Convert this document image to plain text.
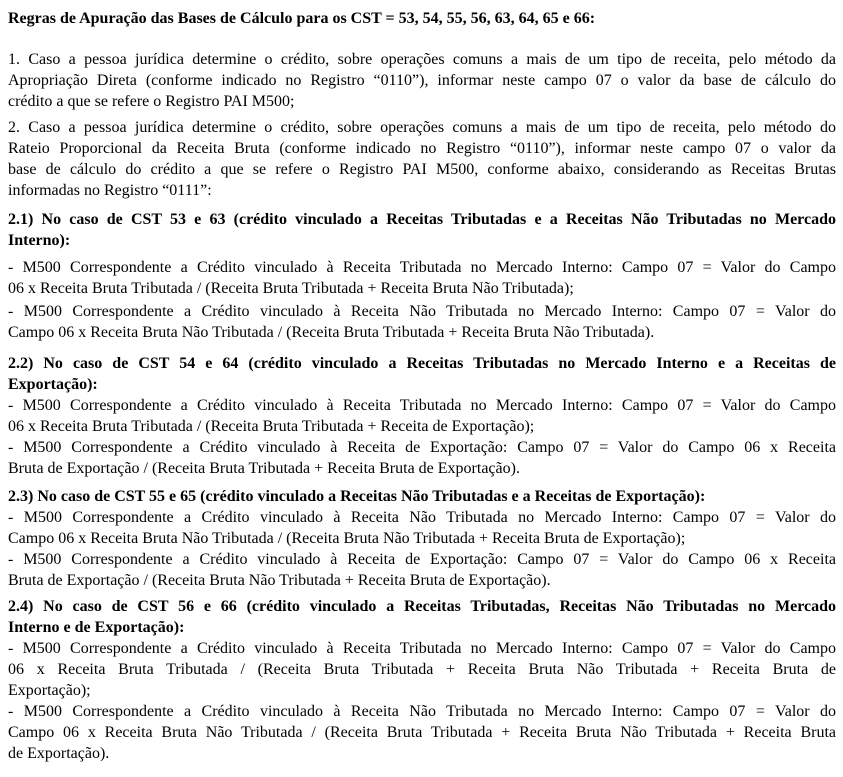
Regras de Apuração das Bases de Cálculo para os CST = 53, 54, 55, 56, 63, 64, 65 e 66:
1. Caso a pessoa jurídica determine o crédito, sobre operações comuns a mais de um tipo de receita, pelo método da
Apropriação Direta (conforme indicado no Registro “0110”), informar neste campo 07 o valor da base de cálculo do
crédito a que se refere o Registro PAI M500;
2. Caso a pessoa jurídica determine o crédito, sobre operações comuns a mais de um tipo de receita, pelo método do
Rateio Proporcional da Receita Bruta (conforme indicado no Registro “0110”), informar neste campo 07 o valor da
base de cálculo do crédito a que se refere o Registro PAI M500, conforme abaixo, considerando as Receitas Brutas
informadas no Registro “0111”:
2.1) No caso de CST 53 e 63 (crédito vinculado a Receitas Tributadas e a Receitas Não Tributadas no Mercado
Interno):
- M500 Correspondente a Crédito vinculado à Receita Tributada no Mercado Interno: Campo 07 = Valor do Campo
06 x Receita Bruta Tributada / (Receita Bruta Tributada + Receita Bruta Não Tributada);
- M500 Correspondente a Crédito vinculado à Receita Não Tributada no Mercado Interno: Campo 07 = Valor do
Campo 06 x Receita Bruta Não Tributada / (Receita Bruta Tributada + Receita Bruta Não Tributada).
2.2) No caso de CST 54 e 64 (crédito vinculado a Receitas Tributadas no Mercado Interno e a Receitas de
Exportação):
- M500 Correspondente a Crédito vinculado à Receita Tributada no Mercado Interno: Campo 07 = Valor do Campo
06 x Receita Bruta Tributada / (Receita Bruta Tributada + Receita de Exportação);
- M500 Correspondente a Crédito vinculado à Receita de Exportação: Campo 07 = Valor do Campo 06 x Receita
Bruta de Exportação / (Receita Bruta Tributada + Receita Bruta de Exportação).
2.3) No caso de CST 55 e 65 (crédito vinculado a Receitas Não Tributadas e a Receitas de Exportação):
- M500 Correspondente a Crédito vinculado à Receita Não Tributada no Mercado Interno: Campo 07 = Valor do
Campo 06 x Receita Bruta Não Tributada / (Receita Bruta Não Tributada + Receita Bruta de Exportação);
- M500 Correspondente a Crédito vinculado à Receita de Exportação: Campo 07 = Valor do Campo 06 x Receita
Bruta de Exportação / (Receita Bruta Não Tributada + Receita Bruta de Exportação).
2.4) No caso de CST 56 e 66 (crédito vinculado a Receitas Tributadas, Receitas Não Tributadas no Mercado
Interno e de Exportação):
- M500 Correspondente a Crédito vinculado à Receita Tributada no Mercado Interno: Campo 07 = Valor do Campo
06 x Receita Bruta Tributada / (Receita Bruta Tributada + Receita Bruta Não Tributada + Receita Bruta de
Exportação);
- M500 Correspondente a Crédito vinculado à Receita Não Tributada no Mercado Interno: Campo 07 = Valor do
Campo 06 x Receita Bruta Não Tributada / (Receita Bruta Tributada + Receita Bruta Não Tributada + Receita Bruta
de Exportação).
